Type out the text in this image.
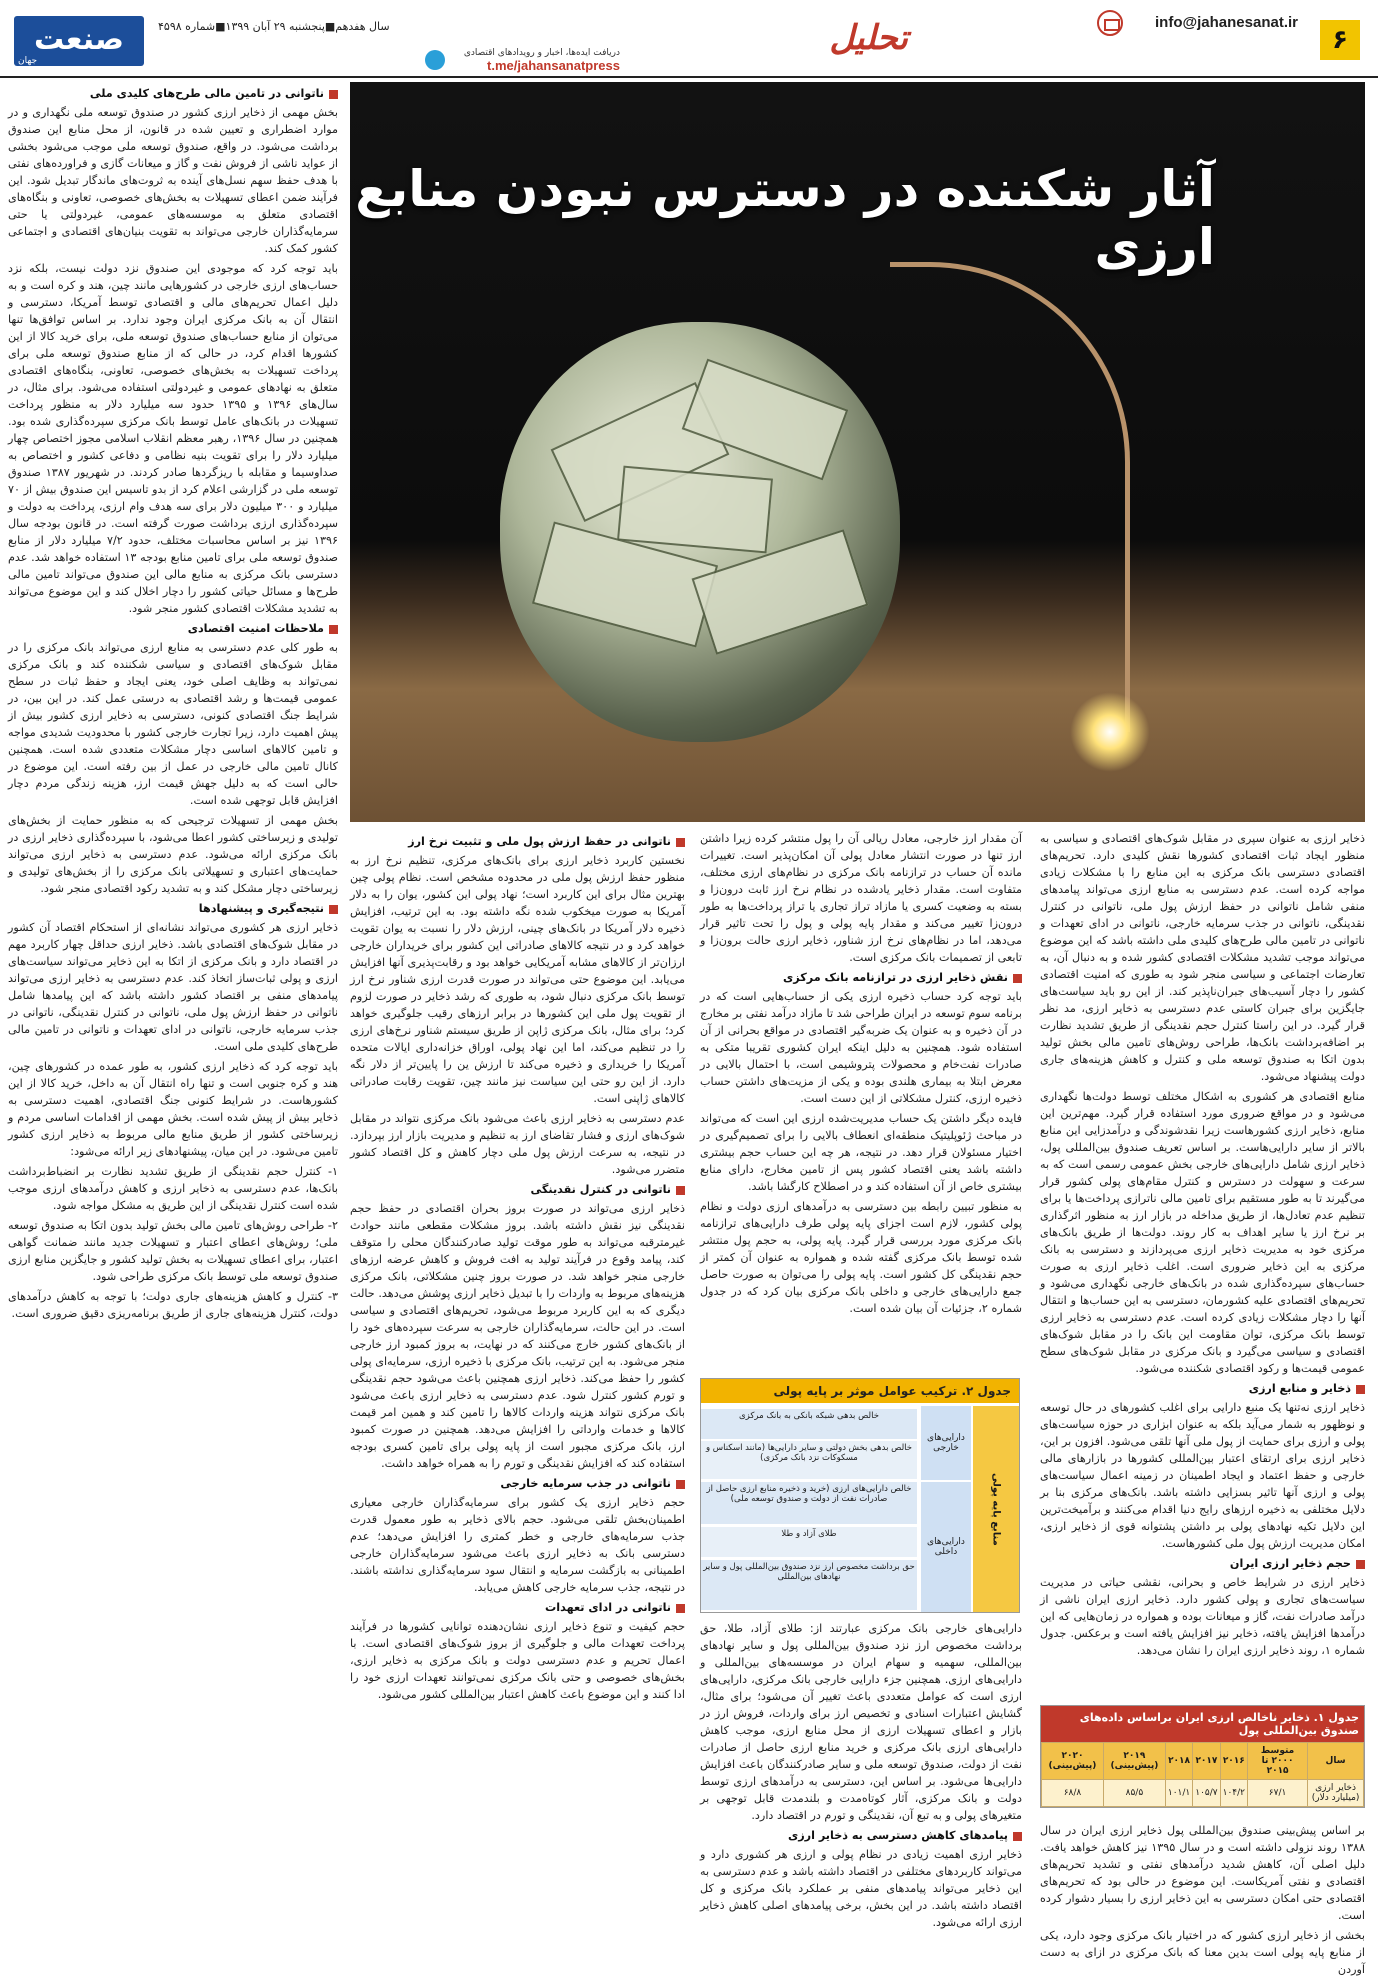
۶
info@jahanesanat.ir
تحلیل
دریافت ایده‌ها، اخبار و رویدادهای اقتصادی
t.me/jahansanatpress
صنعت
جهان
سال هفدهم■پنجشنبه ۲۹ آبان ۱۳۹۹■شماره ۴۵۹۸
آثار شکننده در دسترس نبودن منابع ارزی
ناتوانی در تامین مالی طرح‌های کلیدی ملی

بخش مهمی از ذخایر ارزی کشور در صندوق توسعه ملی نگهداری و در موارد اضطراری و تعیین شده در قانون، از محل منابع این صندوق برداشت می‌شود. در واقع، صندوق توسعه ملی موجب می‌شود بخشی از عواید ناشی از فروش نفت و گاز و میعانات گازی و فراورده‌های نفتی با هدف حفظ سهم نسل‌های آینده به ثروت‌های ماندگار تبدیل شود. این فرآیند ضمن اعطای تسهیلات به بخش‌های خصوصی، تعاونی و بنگاه‌های اقتصادی متعلق به موسسه‌های عمومی، غیردولتی یا حتی سرمایه‌گذاران خارجی می‌تواند به تقویت بنیان‌های اقتصادی و اجتماعی کشور کمک کند.

باید توجه کرد که موجودی این صندوق نزد دولت نیست، بلکه نزد حساب‌های ارزی خارجی در کشورهایی مانند چین، هند و کره است و به دلیل اعمال تحریم‌های مالی و اقتصادی توسط آمریکا، دسترسی و انتقال آن به بانک مرکزی ایران وجود ندارد. بر اساس توافق‌ها تنها می‌توان از منابع حساب‌های صندوق توسعه ملی، برای خرید کالا از این کشورها اقدام کرد، در حالی که از منابع صندوق توسعه ملی برای پرداخت تسهیلات به بخش‌های خصوصی، تعاونی، بنگاه‌های اقتصادی متعلق به نهادهای عمومی و غیردولتی استفاده می‌شود. برای مثال، در سال‌های ۱۳۹۶ و ۱۳۹۵ حدود سه میلیارد دلار به منظور پرداخت تسهیلات در بانک‌های عامل توسط بانک مرکزی سپرده‌گذاری شده بود. همچنین در سال ۱۳۹۶، رهبر معظم انقلاب اسلامی مجوز اختصاص چهار میلیارد دلار را برای تقویت بنیه نظامی و دفاعی کشور و اختصاص به صداوسیما و مقابله با ریزگردها صادر کردند. در شهریور ۱۳۸۷ صندوق توسعه ملی در گزارشی اعلام کرد از بدو تاسیس این صندوق بیش از ۷۰ میلیارد و ۳۰۰ میلیون دلار برای سه هدف وام ارزی، پرداخت به دولت و سپرده‌گذاری ارزی برداشت صورت گرفته است. در قانون بودجه سال ۱۳۹۶ نیز بر اساس محاسبات مختلف، حدود ۷/۲ میلیارد دلار از منابع صندوق توسعه ملی برای تامین منابع بودجه ۱۳ استفاده خواهد شد. عدم دسترسی بانک مرکزی به منابع مالی این صندوق می‌تواند تامین مالی طرح‌ها و مسائل حیاتی کشور را دچار اخلال کند و این موضوع می‌تواند به تشدید مشکلات اقتصادی کشور منجر شود.

ملاحظات امنیت اقتصادی

به طور کلی عدم دسترسی به منابع ارزی می‌تواند بانک مرکزی را در مقابل شوک‌های اقتصادی و سیاسی شکننده کند و بانک مرکزی نمی‌تواند به وظایف اصلی خود، یعنی ایجاد و حفظ ثبات در سطح عمومی قیمت‌ها و رشد اقتصادی به درستی عمل کند. در این بین، در شرایط جنگ اقتصادی کنونی، دسترسی به ذخایر ارزی کشور بیش از پیش اهمیت دارد، زیرا تجارت خارجی کشور با محدودیت شدیدی مواجه و تامین کالاهای اساسی دچار مشکلات متعددی شده است. همچنین کانال تامین مالی خارجی در عمل از بین رفته است. این موضوع در حالی است که به دلیل جهش قیمت ارز، هزینه زندگی مردم دچار افزایش قابل توجهی شده است.

بخش مهمی از تسهیلات ترجیحی که به منظور حمایت از بخش‌های تولیدی و زیرساختی کشور اعطا می‌شود، با سپرده‌گذاری ذخایر ارزی در بانک مرکزی ارائه می‌شود. عدم دسترسی به ذخایر ارزی می‌تواند حمایت‌های اعتباری و تسهیلاتی بانک مرکزی را از بخش‌های تولیدی و زیرساختی دچار مشکل کند و به تشدید رکود اقتصادی منجر شود.

نتیجه‌گیری و پیشنهادها

ذخایر ارزی هر کشوری می‌تواند نشانه‌ای از استحکام اقتصاد آن کشور در مقابل شوک‌های اقتصادی باشد. ذخایر ارزی حداقل چهار کاربرد مهم در اقتصاد دارد و بانک مرکزی از اتکا به این ذخایر می‌تواند سیاست‌های ارزی و پولی ثبات‌ساز اتخاذ کند. عدم دسترسی به ذخایر ارزی می‌تواند پیامدهای منفی بر اقتصاد کشور داشته باشد که این پیامدها شامل ناتوانی در حفظ ارزش پول ملی، ناتوانی در کنترل نقدینگی، ناتوانی در جذب سرمایه خارجی، ناتوانی در ادای تعهدات و ناتوانی در تامین مالی طرح‌های کلیدی ملی است.

باید توجه کرد که ذخایر ارزی کشور، به طور عمده در کشورهای چین، هند و کره جنوبی است و تنها راه انتقال آن به داخل، خرید کالا از این کشورهاست. در شرایط کنونی جنگ اقتصادی، اهمیت دسترسی به ذخایر بیش از پیش شده است. بخش مهمی از اقدامات اساسی مردم و زیرساختی کشور از طریق منابع مالی مربوط به ذخایر ارزی کشور تامین می‌شود. در این میان، پیشنهادهای زیر ارائه می‌شود:

۱- کنترل حجم نقدینگی از طریق تشدید نظارت بر انضباط‌برداشت بانک‌ها، عدم دسترسی به ذخایر ارزی و کاهش درآمدهای ارزی موجب شده است کنترل نقدینگی از این طریق به مشکل مواجه شود.

۲- طراحی روش‌های تامین مالی بخش تولید بدون اتکا به صندوق توسعه ملی؛ روش‌های اعطای اعتبار و تسهیلات جدید مانند ضمانت گواهی اعتبار، برای اعطای تسهیلات به بخش تولید کشور و جایگزین منابع ارزی صندوق توسعه ملی توسط بانک مرکزی طراحی شود.

۳- کنترل و کاهش هزینه‌های جاری دولت؛ با توجه به کاهش درآمدهای دولت، کنترل هزینه‌های جاری از طریق برنامه‌ریزی دقیق ضروری است.

ذخایر ارزی به عنوان سپری در مقابل شوک‌های اقتصادی و سیاسی به منظور ایجاد ثبات اقتصادی کشورها نقش کلیدی دارد. تحریم‌های اقتصادی دسترسی بانک مرکزی به این منابع را با مشکلات زیادی مواجه کرده است. عدم دسترسی به منابع ارزی می‌تواند پیامدهای منفی شامل ناتوانی در حفظ ارزش پول ملی، ناتوانی در کنترل نقدینگی، ناتوانی در جذب سرمایه خارجی، ناتوانی در ادای تعهدات و ناتوانی در تامین مالی طرح‌های کلیدی ملی داشته باشد که این موضوع می‌تواند موجب تشدید مشکلات اقتصادی کشور شده و به دنبال آن، به تعارضات اجتماعی و سیاسی منجر شود به طوری که امنیت اقتصادی کشور را دچار آسیب‌های جبران‌ناپذیر کند. از این رو باید سیاست‌های جایگزین برای جبران کاستی عدم دسترسی به ذخایر ارزی، مد نظر قرار گیرد. در این راستا کنترل حجم نقدینگی از طریق تشدید نظارت بر اضافه‌برداشت بانک‌ها، طراحی روش‌های تامین مالی بخش تولید بدون اتکا به صندوق توسعه ملی و کنترل و کاهش هزینه‌های جاری دولت پیشنهاد می‌شود.

منابع اقتصادی هر کشوری به اشکال مختلف توسط دولت‌ها نگهداری می‌شود و در مواقع ضروری مورد استفاده قرار گیرد. مهم‌ترین این منابع، ذخایر ارزی کشورهاست زیرا نقدشوندگی و درآمدزایی این منابع بالاتر از سایر دارایی‌هاست. بر اساس تعریف صندوق بین‌المللی پول، ذخایر ارزی شامل دارایی‌های خارجی بخش عمومی رسمی است که به سرعت و سهولت در دسترس و کنترل مقام‌های پولی کشور قرار می‌گیرند تا به طور مستقیم برای تامین مالی ناترازی پرداخت‌ها یا برای تنظیم عدم تعادل‌ها، از طریق مداخله در بازار ارز به منظور اثرگذاری بر نرخ ارز یا سایر اهداف به کار روند. دولت‌ها از طریق بانک‌های مرکزی خود به مدیریت ذخایر ارزی می‌پردازند و دسترسی به بانک مرکزی به این ذخایر ضروری است. اغلب ذخایر ارزی به صورت حساب‌های سپرده‌گذاری شده در بانک‌های خارجی نگهداری می‌شود و تحریم‌های اقتصادی علیه کشورمان، دسترسی به این حساب‌ها و انتقال آنها را دچار مشکلات زیادی کرده است. عدم دسترسی به ذخایر ارزی توسط بانک مرکزی، توان مقاومت این بانک را در مقابل شوک‌های اقتصادی و سیاسی می‌گیرد و بانک مرکزی در مقابل شوک‌های سطح عمومی قیمت‌ها و رکود اقتصادی شکننده می‌شود.

ذخایر و منابع ارزی

ذخایر ارزی نه‌تنها یک منبع دارایی برای اغلب کشورهای در حال توسعه و نوظهور به شمار می‌آید بلکه به عنوان ابزاری در حوزه سیاست‌های پولی و ارزی برای حمایت از پول ملی آنها تلقی می‌شود. افزون بر این، ذخایر ارزی برای ارتقای اعتبار بین‌المللی کشورها در بازارهای مالی خارجی و حفظ اعتماد و ایجاد اطمینان در زمینه اعمال سیاست‌های پولی و ارزی آنها تاثیر بسزایی داشته باشد. بانک‌های مرکزی بنا بر دلایل مختلفی به ذخیره ارزهای رایج دنیا اقدام می‌کنند و برآمیخت‌ترین این دلایل تکیه نهادهای پولی بر داشتن پشتوانه قوی از ذخایر ارزی، امکان مدیریت ارزش پول ملی کشورهاست.

حجم ذخایر ارزی ایران

ذخایر ارزی در شرایط خاص و بحرانی، نقشی حیاتی در مدیریت سیاست‌های تجاری و پولی کشور دارد. ذخایر ارزی ایران ناشی از درآمد صادرات نفت، گاز و میعانات بوده و همواره در زمان‌هایی که این درآمدها افزایش یافته، ذخایر نیز افزایش یافته است و برعکس. جدول شماره ۱، روند ذخایر ارزی ایران را نشان می‌دهد.

بر اساس پیش‌بینی صندوق بین‌المللی پول ذخایر ارزی ایران در سال ۱۳۸۸ روند نزولی داشته است و در سال ۱۳۹۵ نیز کاهش خواهد یافت. دلیل اصلی آن، کاهش شدید درآمدهای نفتی و تشدید تحریم‌های اقتصادی و نفتی آمریکاست. این موضوع در حالی بود که تحریم‌های اقتصادی حتی امکان دسترسی به این ذخایر ارزی را بسیار دشوار کرده است.

بخشی از ذخایر ارزی کشور که در اختیار بانک مرکزی وجود دارد، یکی از منابع پایه پولی است بدین معنا که بانک مرکزی در ازای به دست آوردن

جدول ۱. ذخایر ناخالص ارزی ایران براساس داده‌های صندوق بین‌المللی پول
سال	متوسط ۲۰۰۰ تا ۲۰۱۵	۲۰۱۶	۲۰۱۷	۲۰۱۸	۲۰۱۹ (پیش‌بینی)	۲۰۲۰ (پیش‌بینی)
ذخایر ارزی (میلیارد دلار)	۶۷/۱	۱۰۴/۲	۱۰۵/۷	۱۰۱/۱	۸۵/۵	۶۸/۸

آن مقدار ارز خارجی، معادل ریالی آن را پول منتشر کرده زیرا داشتن ارز تنها در صورت انتشار معادل پولی آن امکان‌پذیر است. تغییرات مانده آن حساب در ترازنامه بانک مرکزی در نظام‌های ارزی مختلف، متفاوت است. مقدار ذخایر یادشده در نظام نرخ ارز ثابت درون‌زا و بسته به وضعیت کسری یا مازاد تراز تجاری یا تراز پرداخت‌ها به طور درون‌زا تغییر می‌کند و مقدار پایه پولی و پول را تحت تاثیر قرار می‌دهد، اما در نظام‌های نرخ ارز شناور، ذخایر ارزی حالت برون‌زا و تابعی از تصمیمات بانک مرکزی است.

نقش ذخایر ارزی در ترازنامه بانک مرکزی

باید توجه کرد حساب ذخیره ارزی یکی از حساب‌هایی است که در برنامه سوم توسعه در ایران طراحی شد تا مازاد درآمد نفتی بر مخارج در آن ذخیره و به عنوان یک ضربه‌گیر اقتصادی در مواقع بحرانی از آن استفاده شود. همچنین به دلیل اینکه ایران کشوری تقریبا متکی به صادرات نفت‌خام و محصولات پتروشیمی است، با احتمال بالایی در معرض ابتلا به بیماری هلندی بوده و یکی از مزیت‌های داشتن حساب ذخیره ارزی، کنترل مشکلاتی از این دست است.

فایده دیگر داشتن یک حساب مدیریت‌شده ارزی این است که می‌تواند در مباحث ژئوپلیتیک منطقه‌ای انعطاف بالایی را برای تصمیم‌گیری در اختیار مسئولان قرار دهد. در نتیجه، هر چه این حساب حجم بیشتری داشته باشد یعنی اقتصاد کشور پس از تامین مخارج، دارای منابع بیشتری خاص از آن استفاده کند و در اصطلاح کارگشا باشد.

به منظور تبیین رابطه بین دسترسی به درآمدهای ارزی دولت و نظام پولی کشور، لازم است اجزای پایه پولی طرف دارایی‌های ترازنامه بانک مرکزی مورد بررسی قرار گیرد. پایه پولی، به حجم پول منتشر شده توسط بانک مرکزی گفته شده و همواره به عنوان آن کمتر از حجم نقدینگی کل کشور است. پایه پولی را می‌توان به صورت حاصل جمع دارایی‌های خارجی و داخلی بانک مرکزی بیان کرد که در جدول شماره ۲، جزئیات آن بیان شده است.

جدول ۲. ترکیب عوامل موثر بر پایه پولی
منابع پایه پولی
دارایی‌های خارجی
دارایی‌های داخلی
خالص بدهی شبکه بانکی به بانک مرکزی
خالص بدهی بخش دولتی و سایر دارایی‌ها (مانند اسکناس و مسکوکات نزد بانک مرکزی)
خالص دارایی‌های ارزی (خرید و ذخیره منابع ارزی حاصل از صادرات نفت از دولت و صندوق توسعه ملی)
طلای آزاد و طلا
حق برداشت مخصوص ارز نزد صندوق بین‌المللی پول و سایر نهادهای بین‌المللی

دارایی‌های خارجی بانک مرکزی عبارتند از: طلای آزاد، طلا، حق برداشت مخصوص ارز نزد صندوق بین‌المللی پول و سایر نهادهای بین‌المللی، سهمیه و سهام ایران در موسسه‌های بین‌المللی و دارایی‌های ارزی. همچنین جزء دارایی خارجی بانک مرکزی، دارایی‌های ارزی است که عوامل متعددی باعث تغییر آن می‌شود؛ برای مثال، گشایش اعتبارات اسنادی و تخصیص ارز برای واردات، فروش ارز در بازار و اعطای تسهیلات ارزی از محل منابع ارزی، موجب کاهش دارایی‌های ارزی بانک مرکزی و خرید منابع ارزی حاصل از صادرات نفت از دولت، صندوق توسعه ملی و سایر صادرکنندگان باعث افزایش دارایی‌ها می‌شود. بر اساس این، دسترسی به درآمدهای ارزی توسط دولت و بانک مرکزی، آثار کوتاه‌مدت و بلندمدت قابل توجهی بر متغیرهای پولی و به تبع آن، نقدینگی و تورم در اقتصاد دارد.

پیامدهای کاهش دسترسی به ذخایر ارزی

ذخایر ارزی اهمیت زیادی در نظام پولی و ارزی هر کشوری دارد و می‌تواند کاربردهای مختلفی در اقتصاد داشته باشد و عدم دسترسی به این ذخایر می‌تواند پیامدهای منفی بر عملکرد بانک مرکزی و کل اقتصاد داشته باشد. در این بخش، برخی پیامدهای اصلی کاهش ذخایر ارزی ارائه می‌شود.

ناتوانی در حفظ ارزش پول ملی و تثبیت نرخ ارز

نخستین کاربرد ذخایر ارزی برای بانک‌های مرکزی، تنظیم نرخ ارز به منظور حفظ ارزش پول ملی در محدوده مشخص است. نظام پولی چین بهترین مثال برای این کاربرد است؛ نهاد پولی این کشور، یوان را به دلار آمریکا به صورت میخکوب شده نگه داشته بود. به این ترتیب، افزایش ذخیره دلار آمریکا در بانک‌های چینی، ارزش دلار را نسبت به یوان تقویت خواهد کرد و در نتیجه کالاهای صادراتی این کشور برای خریداران خارجی ارزان‌تر از کالاهای مشابه آمریکایی خواهد بود و رقابت‌پذیری آنها افزایش می‌یابد. این موضوع حتی می‌تواند در صورت قدرت ارزی شناور نرخ ارز توسط بانک مرکزی دنبال شود، به طوری که رشد ذخایر در صورت لزوم از تقویت پول ملی این کشورها در برابر ارزهای رقیب جلوگیری خواهد کرد؛ برای مثال، بانک مرکزی ژاپن از طریق سیستم شناور نرخ‌های ارزی را در تنظیم می‌کند، اما این نهاد پولی، اوراق خزانه‌داری ایالات متحده آمریکا را خریداری و ذخیره می‌کند تا ارزش ین را پایین‌تر از دلار نگه دارد. از این رو حتی این سیاست نیز مانند چین، تقویت رقابت صادراتی کالاهای ژاپنی است.

عدم دسترسی به ذخایر ارزی باعث می‌شود بانک مرکزی نتواند در مقابل شوک‌های ارزی و فشار تقاضای ارز به تنظیم و مدیریت بازار ارز بپردازد. در نتیجه، به سرعت ارزش پول ملی دچار کاهش و کل اقتصاد کشور متضرر می‌شود.

ناتوانی در کنترل نقدینگی

ذخایر ارزی می‌تواند در صورت بروز بحران اقتصادی در حفظ حجم نقدینگی نیز نقش داشته باشد. بروز مشکلات مقطعی مانند حوادث غیرمترقبه می‌تواند به طور موقت تولید صادرکنندگان محلی را متوقف کند، پیامد وقوع در فرآیند تولید به افت فروش و کاهش عرضه ارزهای خارجی منجر خواهد شد. در صورت بروز چنین مشکلاتی، بانک مرکزی هزینه‌های مربوط به واردات را با تبدیل ذخایر ارزی پوشش می‌دهد. حالت دیگری که به این کاربرد مربوط می‌شود، تحریم‌های اقتصادی و سیاسی است. در این حالت، سرمایه‌گذاران خارجی به سرعت سپرده‌های خود را از بانک‌های کشور خارج می‌کنند که در نهایت، به بروز کمبود ارز خارجی منجر می‌شود. به این ترتیب، بانک مرکزی با ذخیره ارزی، سرمایه‌ای پولی کشور را حفظ می‌کند. ذخایر ارزی همچنین باعث می‌شود حجم نقدینگی و تورم کشور کنترل شود. عدم دسترسی به ذخایر ارزی باعث می‌شود بانک مرکزی نتواند هزینه واردات کالاها را تامین کند و همین امر قیمت کالاها و خدمات وارداتی را افزایش می‌دهد. همچنین در صورت کمبود ارز، بانک مرکزی مجبور است از پایه پولی برای تامین کسری بودجه استفاده کند که افزایش نقدینگی و تورم را به همراه خواهد داشت.

ناتوانی در جذب سرمایه خارجی

حجم ذخایر ارزی یک کشور برای سرمایه‌گذاران خارجی معیاری اطمینان‌بخش تلقی می‌شود. حجم بالای ذخایر به طور معمول قدرت جذب سرمایه‌های خارجی و خطر کمتری را افزایش می‌دهد؛ عدم دسترسی بانک به ذخایر ارزی باعث می‌شود سرمایه‌گذاران خارجی اطمینانی به بازگشت سرمایه و انتقال سود سرمایه‌گذاری نداشته باشند. در نتیجه، جذب سرمایه خارجی کاهش می‌یابد.

ناتوانی در ادای تعهدات

حجم کیفیت و تنوع ذخایر ارزی نشان‌دهنده توانایی کشورها در فرآیند پرداخت تعهدات مالی و جلوگیری از بروز شوک‌های اقتصادی است. با اعمال تحریم و عدم دسترسی دولت و بانک مرکزی به ذخایر ارزی، بخش‌های خصوصی و حتی بانک مرکزی نمی‌توانند تعهدات ارزی خود را ادا کنند و این موضوع باعث کاهش اعتبار بین‌المللی کشور می‌شود.
